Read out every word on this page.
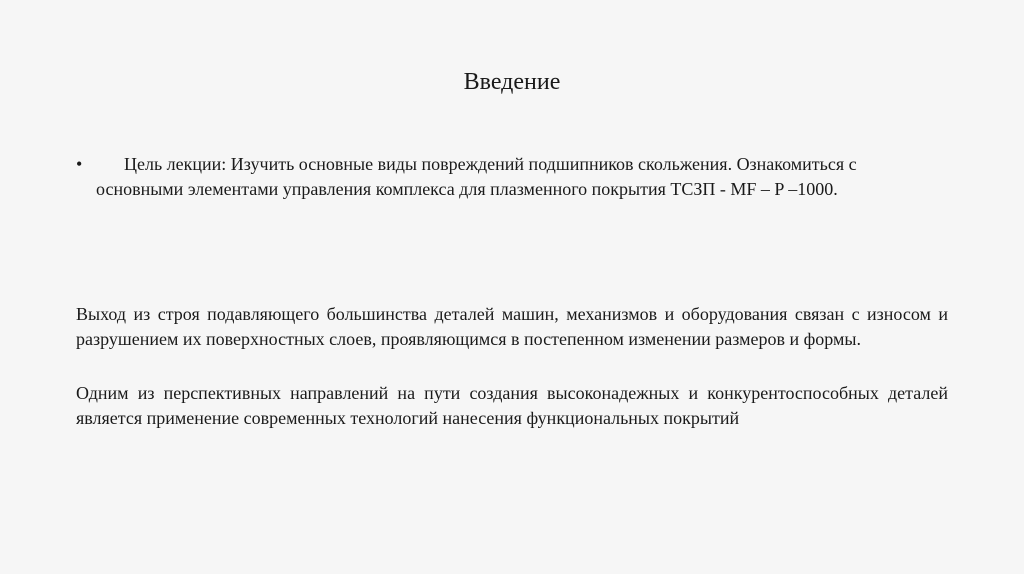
Введение
•	Цель лекции: Изучить основные виды повреждений подшипников скольжения. Ознакомиться с основными элементами управления комплекса для плазменного покрытия ТСЗП - MF – P –1000.
Выход из строя подавляющего большинства деталей машин, механизмов и оборудования связан с износом и разрушением их поверхностных слоев, проявляющимся в постепенном изменении размеров и формы.
Одним из перспективных направлений на пути создания высоконадежных и конкурентоспособных деталей является применение современных технологий нанесения функциональных покрытий
